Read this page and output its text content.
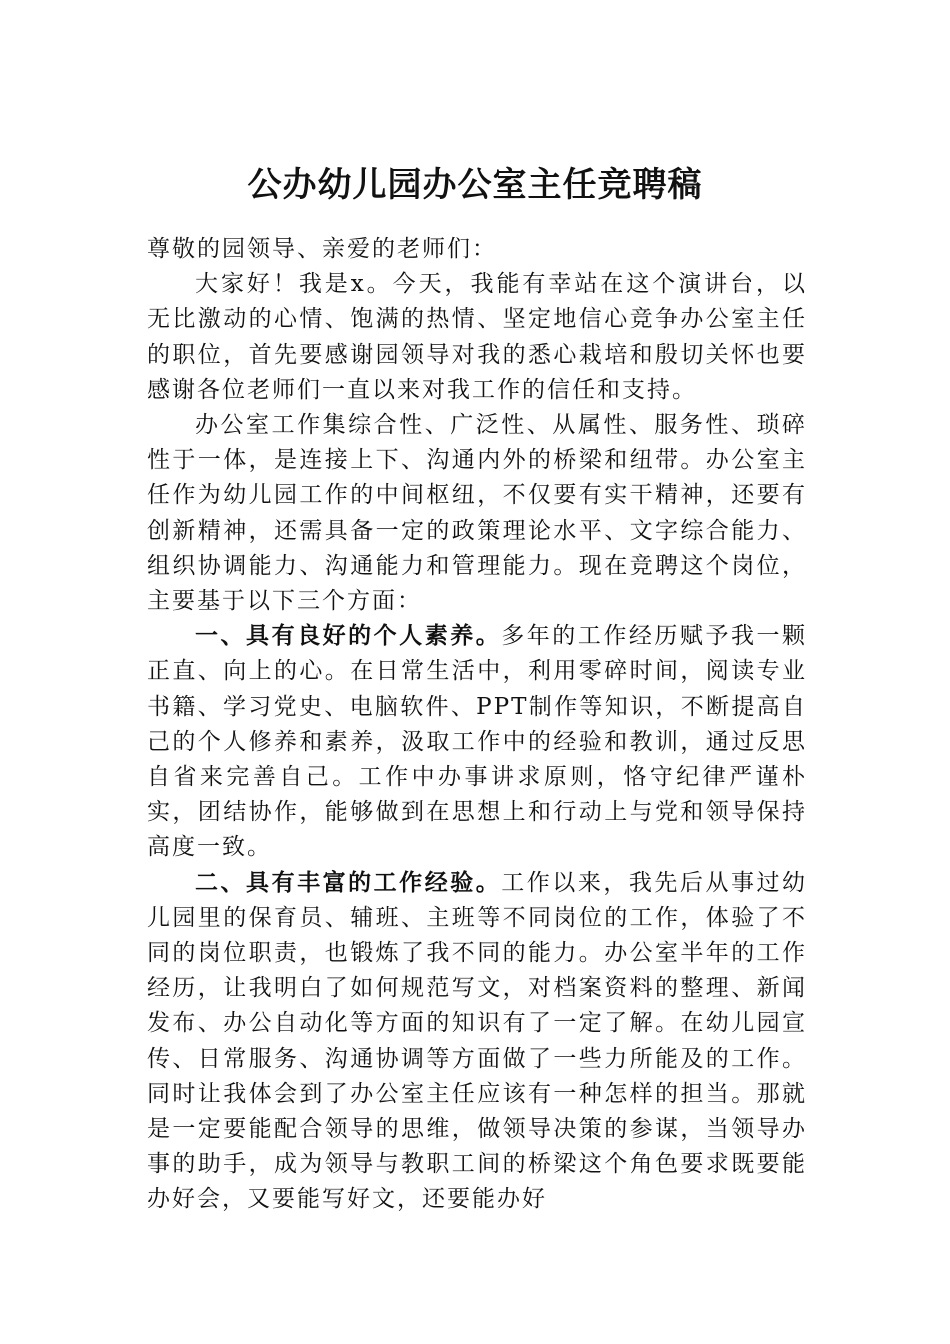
公办幼儿园办公室主任竞聘稿

尊敬的园领导、亲爱的老师们：

大家好！我是x。今天，我能有幸站在这个演讲台，以无比激动的心情、饱满的热情、坚定地信心竞争办公室主任的职位，首先要感谢园领导对我的悉心栽培和殷切关怀也要感谢各位老师们一直以来对我工作的信任和支持。

办公室工作集综合性、广泛性、从属性、服务性、琐碎性于一体，是连接上下、沟通内外的桥梁和纽带。办公室主任作为幼儿园工作的中间枢纽，不仅要有实干精神，还要有创新精神，还需具备一定的政策理论水平、文字综合能力、组织协调能力、沟通能力和管理能力。现在竞聘这个岗位，主要基于以下三个方面：

一、具有良好的个人素养。多年的工作经历赋予我一颗正直、向上的心。在日常生活中，利用零碎时间，阅读专业书籍、学习党史、电脑软件、PPT制作等知识，不断提高自己的个人修养和素养，汲取工作中的经验和教训，通过反思自省来完善自己。工作中办事讲求原则，恪守纪律严谨朴实，团结协作，能够做到在思想上和行动上与党和领导保持高度一致。

二、具有丰富的工作经验。工作以来，我先后从事过幼儿园里的保育员、辅班、主班等不同岗位的工作，体验了不同的岗位职责，也锻炼了我不同的能力。办公室半年的工作经历，让我明白了如何规范写文，对档案资料的整理、新闻发布、办公自动化等方面的知识有了一定了解。在幼儿园宣传、日常服务、沟通协调等方面做了一些力所能及的工作。同时让我体会到了办公室主任应该有一种怎样的担当。那就是一定要能配合领导的思维，做领导决策的参谋，当领导办事的助手，成为领导与教职工间的桥梁这个角色要求既要能办好会，又要能写好文，还要能办好
